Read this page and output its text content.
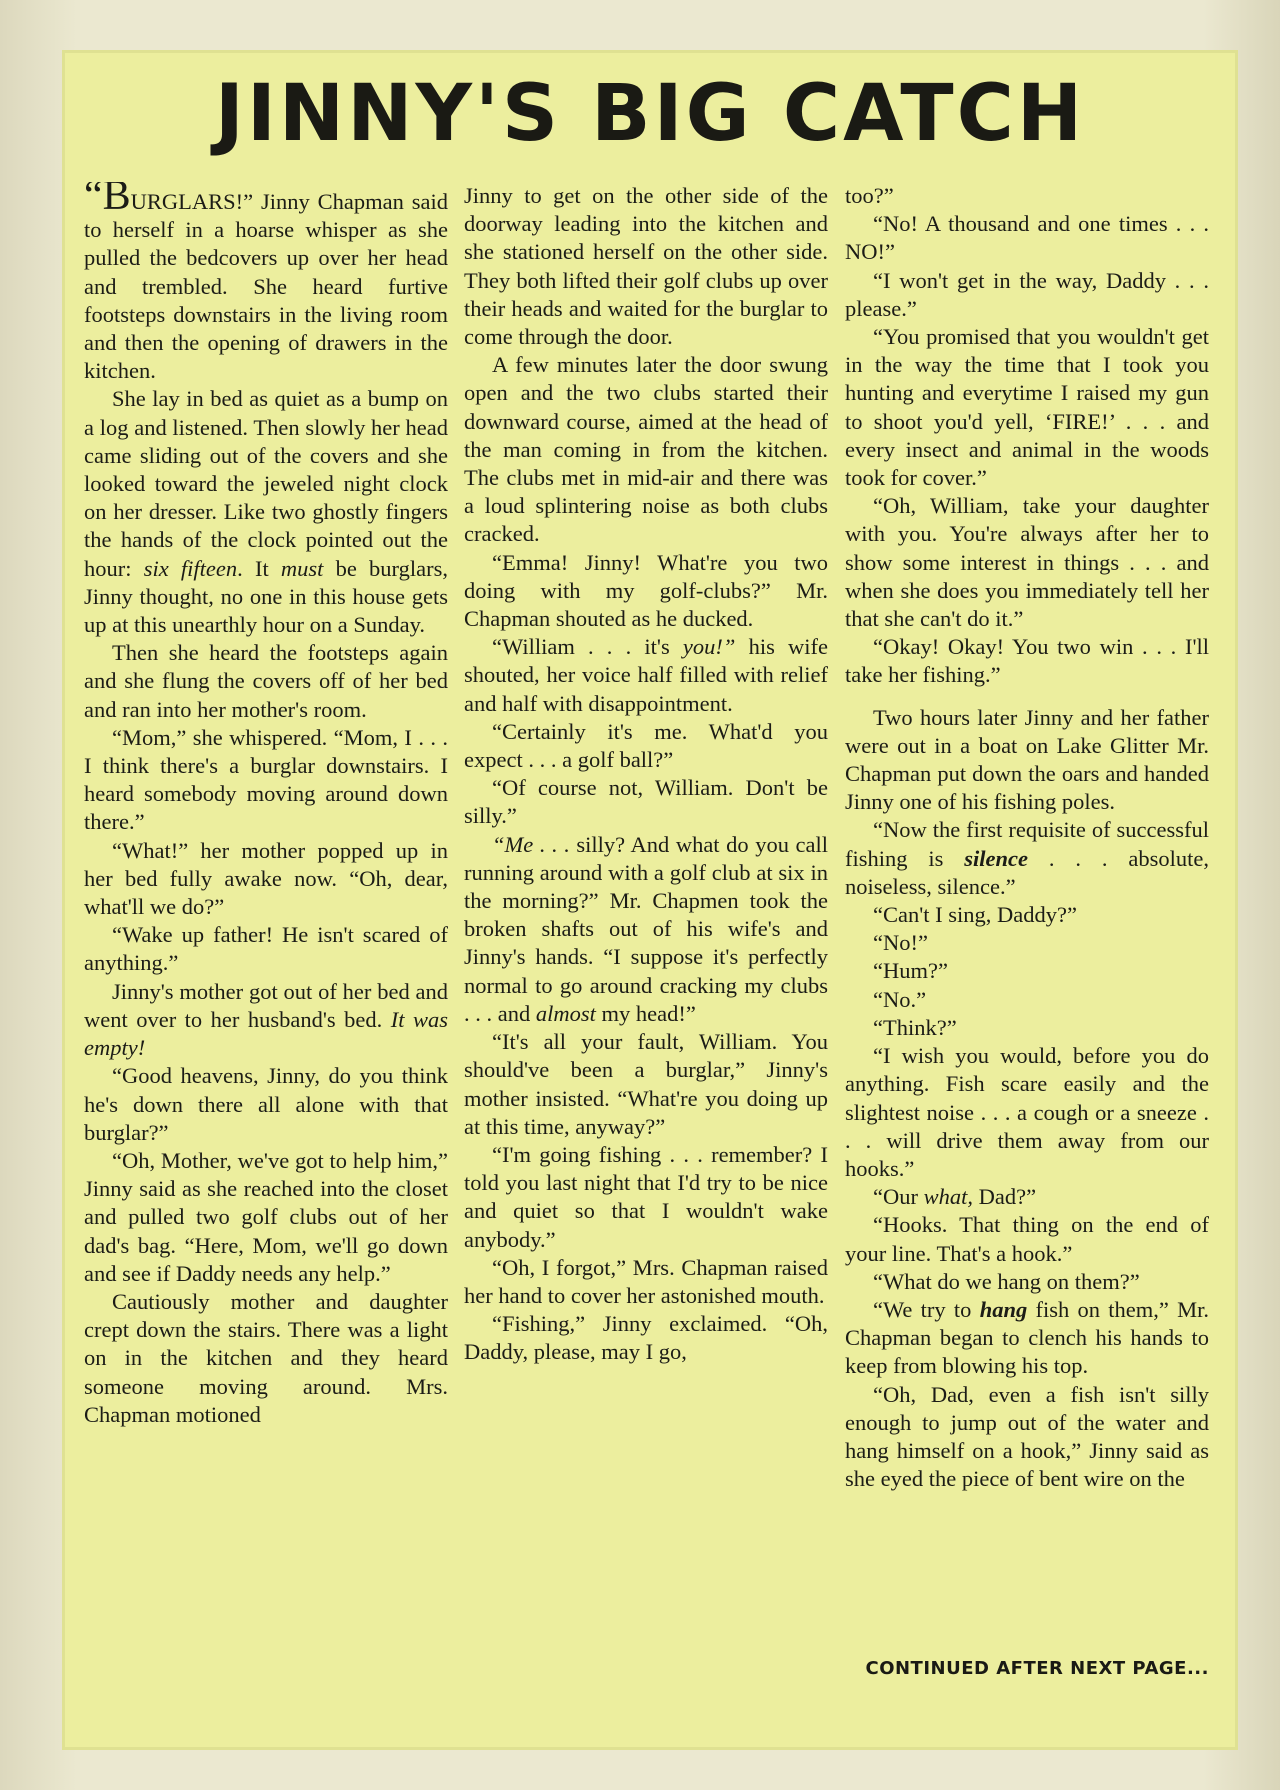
JINNY'S BIG CATCH

“BURGLARS!” Jinny Chapman said to herself in a hoarse whisper as she pulled the bedcovers up over her head and trembled. She heard furtive footsteps downstairs in the living room and then the opening of drawers in the kitchen.

She lay in bed as quiet as a bump on a log and listened. Then slowly her head came sliding out of the covers and she looked toward the jeweled night clock on her dresser. Like two ghostly fingers the hands of the clock pointed out the hour: six fifteen. It must be burglars, Jinny thought, no one in this house gets up at this unearthly hour on a Sunday.

Then she heard the footsteps again and she flung the covers off of her bed and ran into her mother's room.

“Mom,” she whispered. “Mom, I . . . I think there's a burglar downstairs. I heard somebody moving around down there.”

“What!” her mother popped up in her bed fully awake now. “Oh, dear, what'll we do?”

“Wake up father! He isn't scared of anything.”

Jinny's mother got out of her bed and went over to her husband's bed. It was empty!

“Good heavens, Jinny, do you think he's down there all alone with that burglar?”

“Oh, Mother, we've got to help him,” Jinny said as she reached into the closet and pulled two golf clubs out of her dad's bag. “Here, Mom, we'll go down and see if Daddy needs any help.”

Cautiously mother and daughter crept down the stairs. There was a light on in the kitchen and they heard someone moving around. Mrs. Chapman motioned

Jinny to get on the other side of the doorway leading into the kitchen and she stationed herself on the other side. They both lifted their golf clubs up over their heads and waited for the burglar to come through the door.

A few minutes later the door swung open and the two clubs started their downward course, aimed at the head of the man coming in from the kitchen. The clubs met in mid-air and there was a loud splintering noise as both clubs cracked.

“Emma! Jinny! What're you two doing with my golf-clubs?” Mr. Chapman shouted as he ducked.

“William . . . it's you!” his wife shouted, her voice half filled with relief and half with disappointment.

“Certainly it's me. What'd you expect . . . a golf ball?”

“Of course not, William. Don't be silly.”

“Me . . . silly? And what do you call running around with a golf club at six in the morning?” Mr. Chapmen took the broken shafts out of his wife's and Jinny's hands. “I suppose it's perfectly normal to go around cracking my clubs . . . and almost my head!”

“It's all your fault, William. You should've been a burglar,” Jinny's mother insisted. “What're you doing up at this time, anyway?”

“I'm going fishing . . . remember? I told you last night that I'd try to be nice and quiet so that I wouldn't wake anybody.”

“Oh, I forgot,” Mrs. Chapman raised her hand to cover her astonished mouth.

“Fishing,” Jinny exclaimed. “Oh, Daddy, please, may I go,

too?”

“No! A thousand and one times . . . NO!”

“I won't get in the way, Daddy . . . please.”

“You promised that you wouldn't get in the way the time that I took you hunting and everytime I raised my gun to shoot you'd yell, ‘FIRE!’ . . . and every insect and animal in the woods took for cover.”

“Oh, William, take your daughter with you. You're always after her to show some interest in things . . . and when she does you immediately tell her that she can't do it.”

“Okay! Okay! You two win . . . I'll take her fishing.”

Two hours later Jinny and her father were out in a boat on Lake Glitter Mr. Chapman put down the oars and handed Jinny one of his fishing poles.

“Now the first requisite of successful fishing is silence . . . absolute, noiseless, silence.”

“Can't I sing, Daddy?”

“No!”

“Hum?”

“No.”

“Think?”

“I wish you would, before you do anything. Fish scare easily and the slightest noise . . . a cough or a sneeze . . . will drive them away from our hooks.”

“Our what, Dad?”

“Hooks. That thing on the end of your line. That's a hook.”

“What do we hang on them?”

“We try to hang fish on them,” Mr. Chapman began to clench his hands to keep from blowing his top.

“Oh, Dad, even a fish isn't silly enough to jump out of the water and hang himself on a hook,” Jinny said as she eyed the piece of bent wire on the

CONTINUED AFTER NEXT PAGE...
